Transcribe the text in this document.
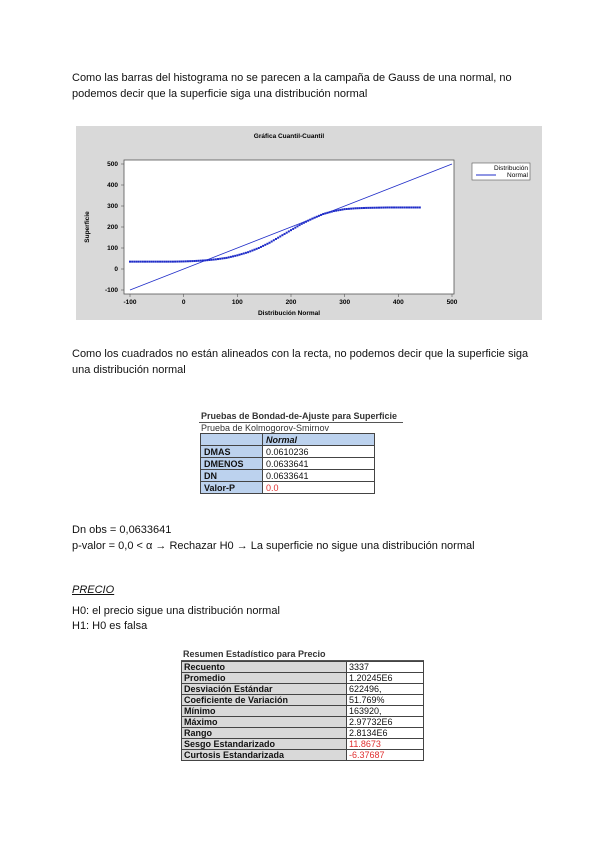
Como las barras del histograma no se parecen a la campaña de Gauss de una normal, no podemos decir que la superficie siga una distribución normal
Distribución
Normal
Gráfica Cuantil-Cuantil
Distribución Normal
Superficie
-100	0	100	200	300	400	500
500
400
300
200
100
0
-100
Como los cuadrados no están alineados con la recta, no podemos decir que la superficie siga una distribución normal
Pruebas de Bondad-de-Ajuste para Superficie
Prueba de Kolmogorov-Smirnov
	Normal
DMAS	0.0610236
DMENOS	0.0633641
DN	0.0633641
Valor-P	0.0
Dn obs = 0,0633641
p-valor = 0,0 < α → Rechazar H0 → La superficie no sigue una distribución normal
PRECIO
H0: el precio sigue una distribución normal
H1: H0 es falsa
Resumen Estadístico para Precio
Recuento	3337
Promedio	1.20245E6
Desviación Estándar	622496,
Coeficiente de Variación	51.769%
Mínimo	163920,
Máximo	2.97732E6
Rango	2.8134E6
Sesgo Estandarizado	11.8673
Curtosis Estandarizada	-6.37687
